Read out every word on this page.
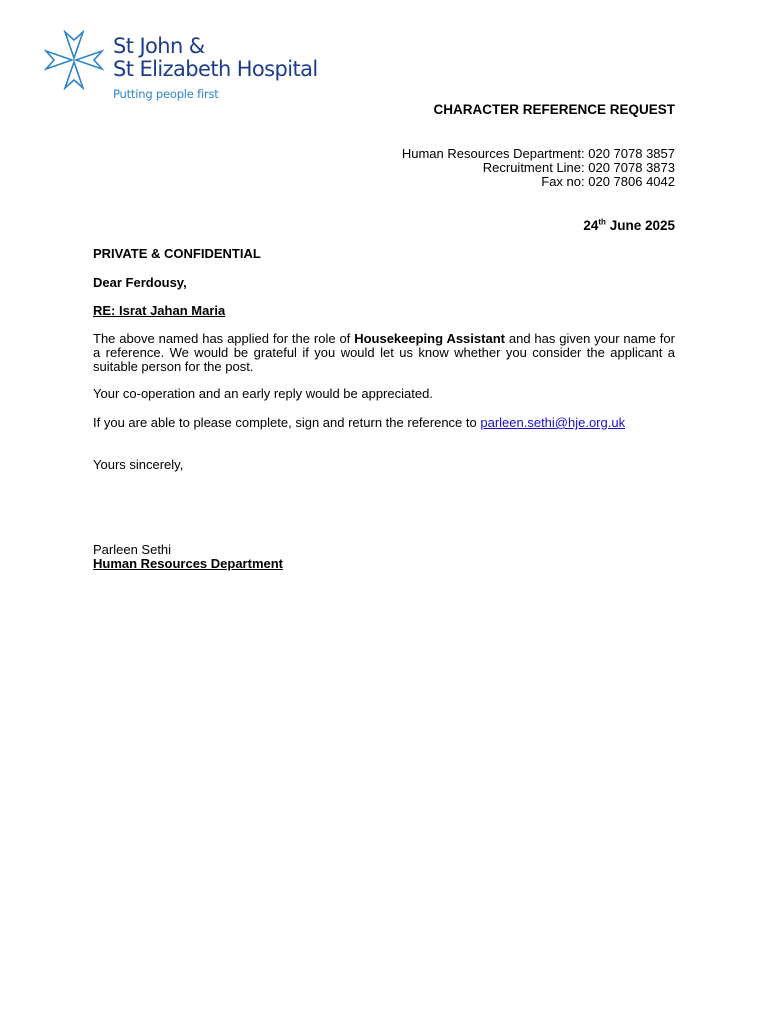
St John &
St Elizabeth Hospital
Putting people first
CHARACTER REFERENCE REQUEST
Human Resources Department: 020 7078 3857
Recruitment Line: 020 7078 3873
Fax no: 020 7806 4042
24th June 2025
PRIVATE & CONFIDENTIAL
Dear Ferdousy,
RE: Israt Jahan Maria
The above named has applied for the role of Housekeeping Assistant and has given your name for a reference. We would be grateful if you would let us know whether you consider the applicant a suitable person for the post.
Your co-operation and an early reply would be appreciated.
If you are able to please complete, sign and return the reference to parleen.sethi@hje.org.uk
Yours sincerely,
Parleen Sethi
Human Resources Department
